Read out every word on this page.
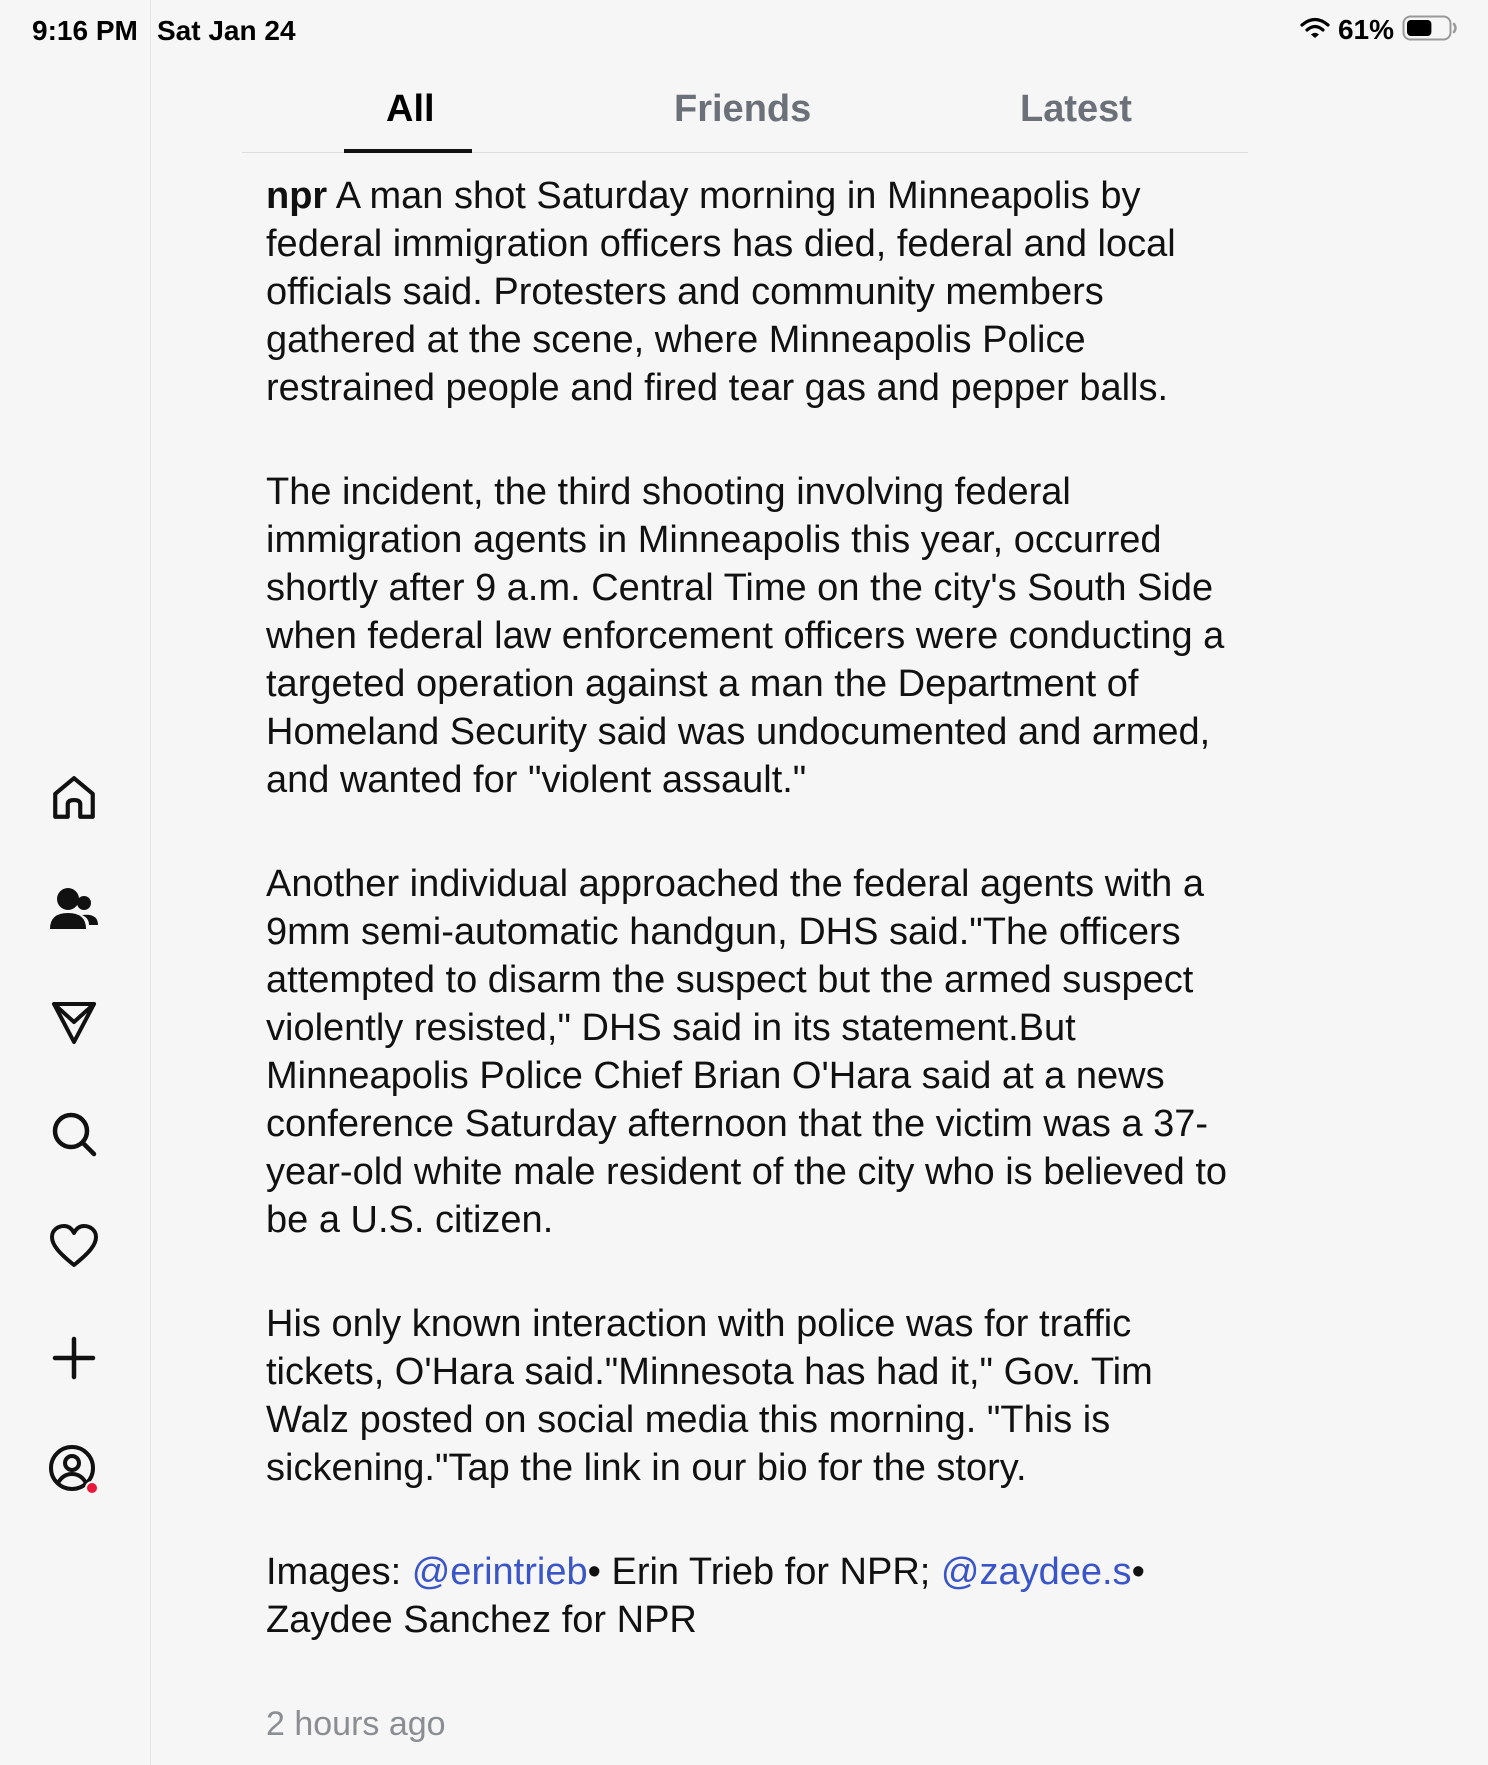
9:16 PM Sat Jan 24	61%
All	Friends	Latest

npr A man shot Saturday morning in Minneapolis by federal immigration officers has died, federal and local officials said. Protesters and community members gathered at the scene, where Minneapolis Police restrained people and fired tear gas and pepper balls.

The incident, the third shooting involving federal immigration agents in Minneapolis this year, occurred shortly after 9 a.m. Central Time on the city's South Side when federal law enforcement officers were conducting a targeted operation against a man the Department of Homeland Security said was undocumented and armed, and wanted for "violent assault."

Another individual approached the federal agents with a 9mm semi-automatic handgun, DHS said."The officers attempted to disarm the suspect but the armed suspect violently resisted," DHS said in its statement.But Minneapolis Police Chief Brian O'Hara said at a news conference Saturday afternoon that the victim was a 37-year-old white male resident of the city who is believed to be a U.S. citizen.

His only known interaction with police was for traffic tickets, O'Hara said."Minnesota has had it," Gov. Tim Walz posted on social media this morning. "This is sickening."Tap the link in our bio for the story.

Images: @erintrieb• Erin Trieb for NPR; @zaydee.s• Zaydee Sanchez for NPR

2 hours ago
